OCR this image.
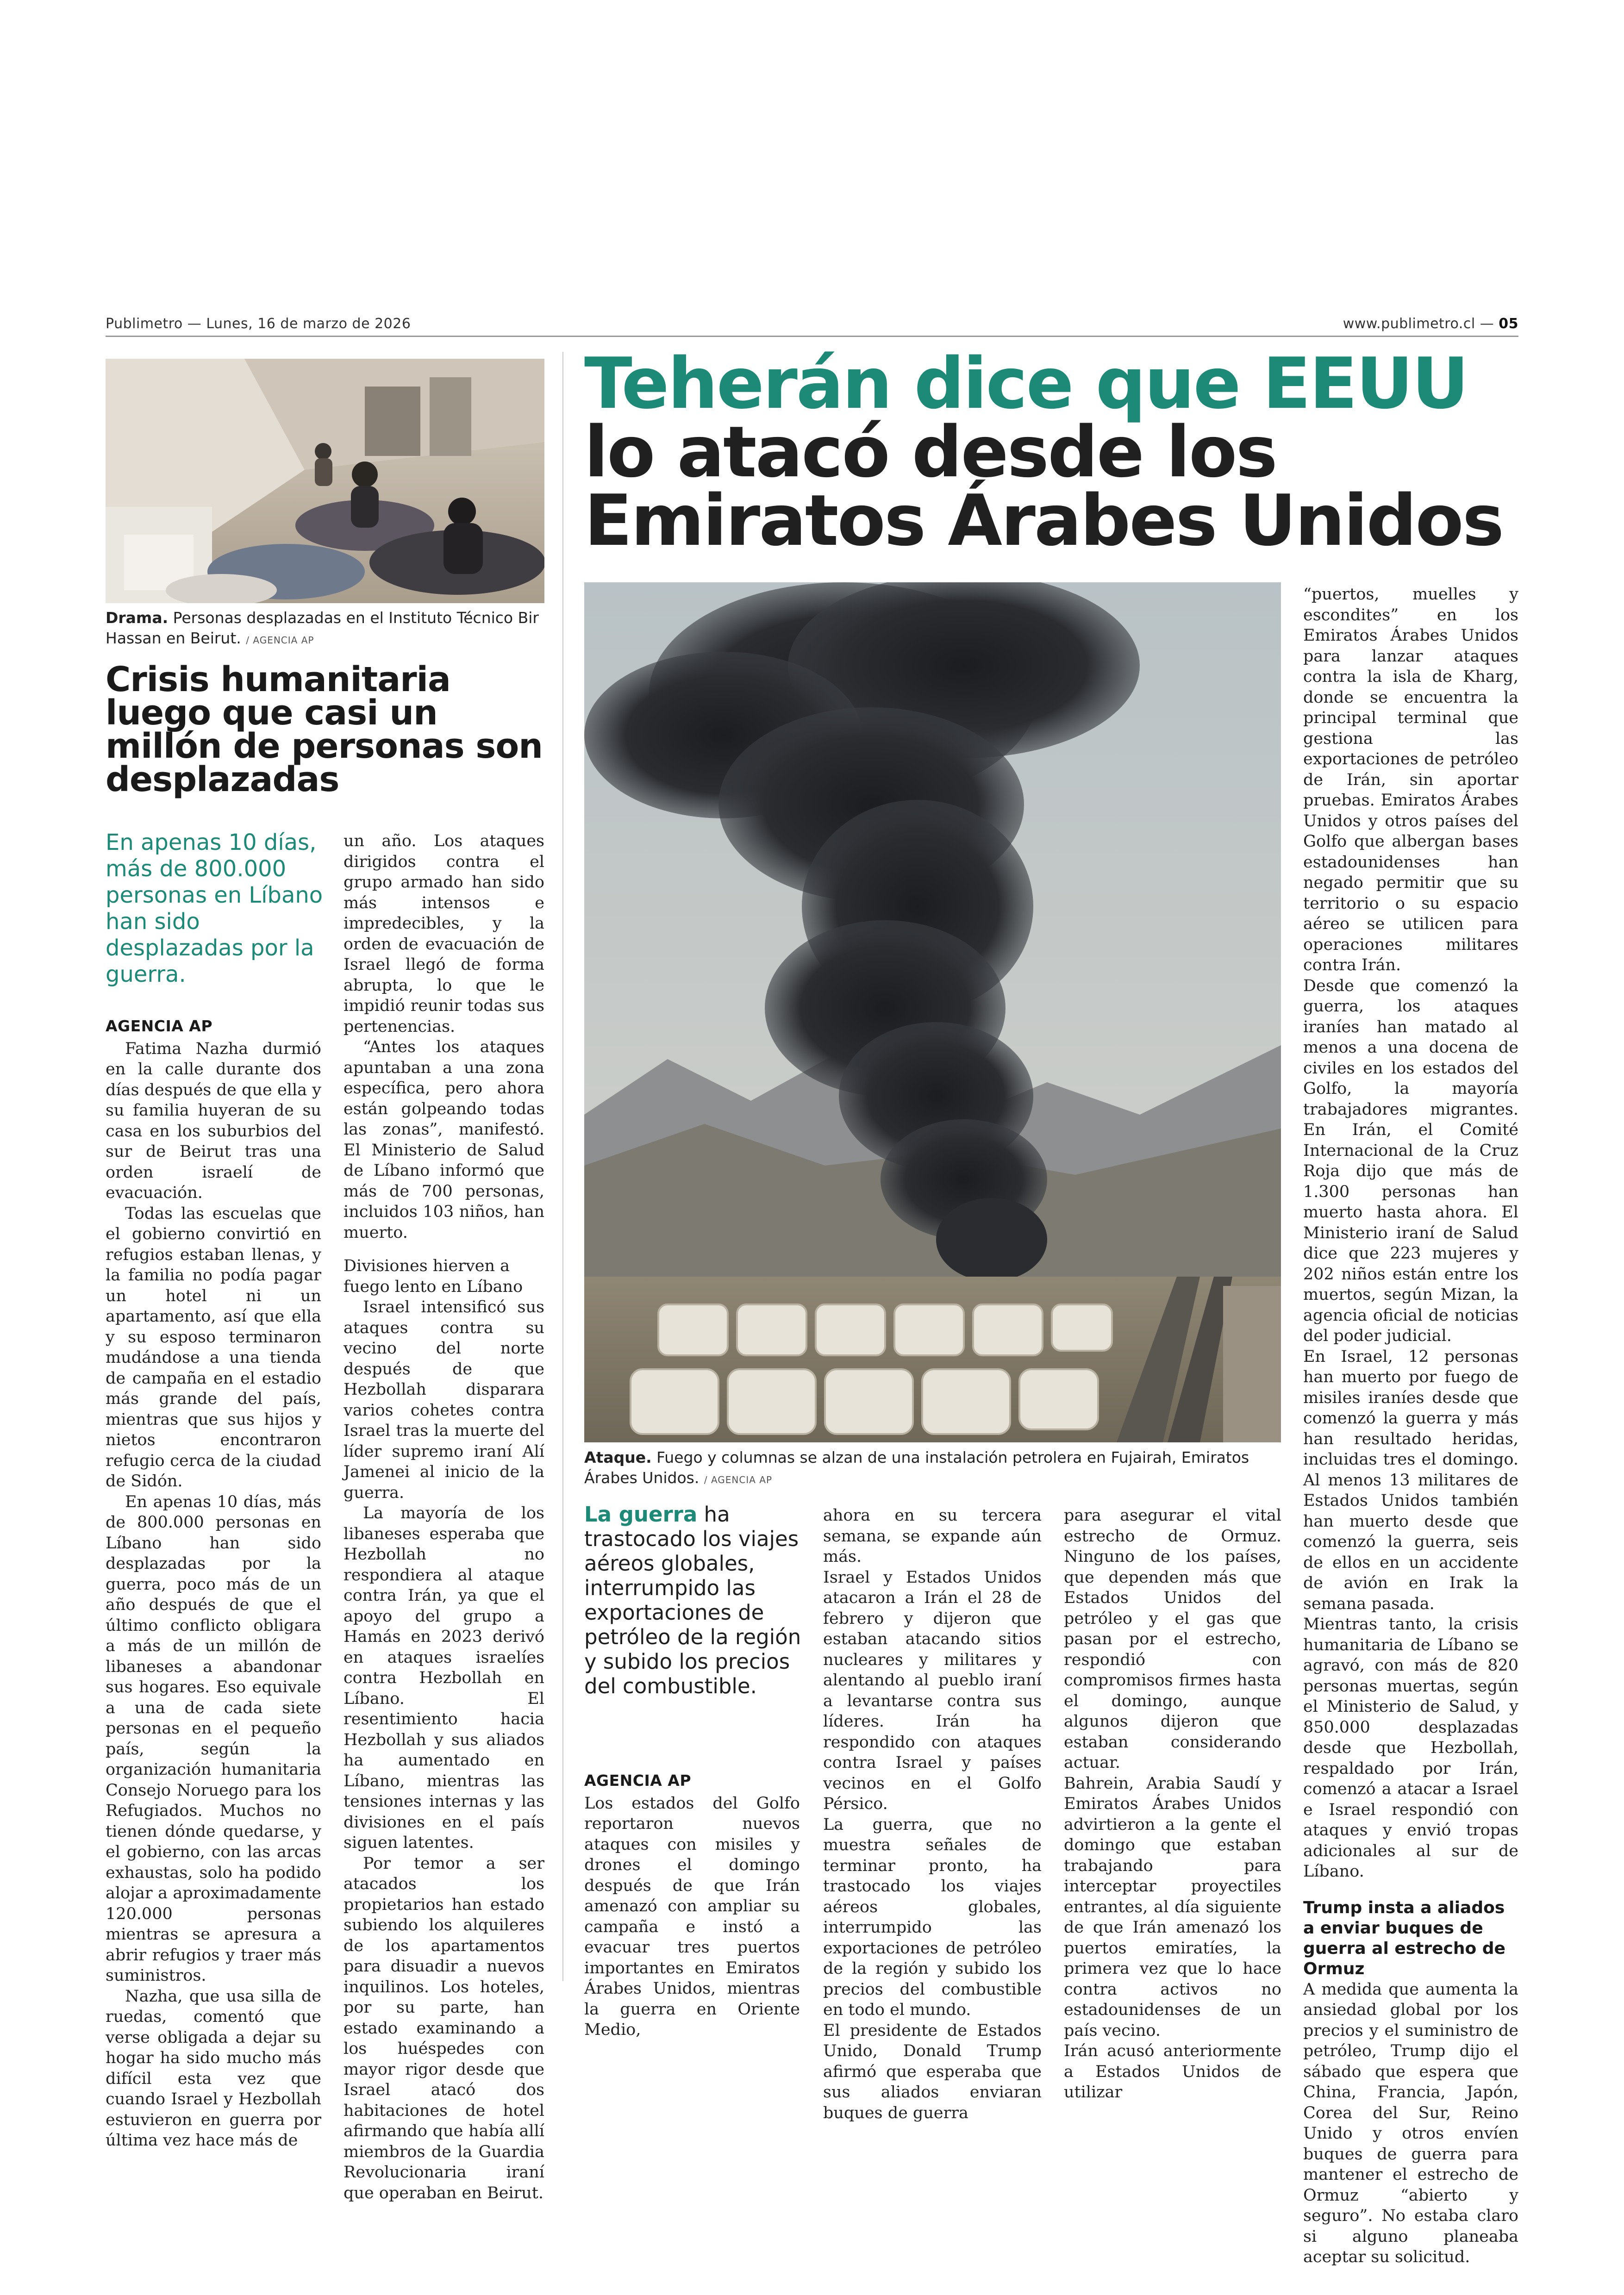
Publimetro — Lunes, 16 de marzo de 2026	www.publimetro.cl — 05
Drama. Personas desplazadas en el Instituto Técnico Bir Hassan en Beirut. / AGENCIA AP
Crisis humanitaria luego que casi un millón de personas son desplazadas
En apenas 10 días, más de 800.000 personas en Líbano han sido desplazadas por la guerra.
AGENCIA AP

Fatima Nazha durmió en la calle durante dos días después de que ella y su familia huyeran de su casa en los suburbios del sur de Beirut tras una orden israelí de evacuación.

Todas las escuelas que el gobierno convirtió en refugios estaban llenas, y la familia no podía pagar un hotel ni un apartamento, así que ella y su esposo terminaron mudándose a una tienda de campaña en el estadio más grande del país, mientras que sus hijos y nietos encontraron refugio cerca de la ciudad de Sidón.

En apenas 10 días, más de 800.000 personas en Líbano han sido desplazadas por la guerra, poco más de un año después de que el último conflicto obligara a más de un millón de libaneses a abandonar sus hogares. Eso equivale a una de cada siete personas en el pequeño país, según la organización humanitaria Consejo Noruego para los Refugiados. Muchos no tienen dónde quedarse, y el gobierno, con las arcas exhaustas, solo ha podido alojar a aproximadamente 120.000 personas mientras se apresura a abrir refugios y traer más suministros.

Nazha, que usa silla de ruedas, comentó que verse obligada a dejar su hogar ha sido mucho más difícil esta vez que cuando Israel y Hezbollah estuvieron en guerra por última vez hace más de

un año. Los ataques dirigidos contra el grupo armado han sido más intensos e impredecibles, y la orden de evacuación de Israel llegó de forma abrupta, lo que le impidió reunir todas sus pertenencias.

“Antes los ataques apuntaban a una zona específica, pero ahora están golpeando todas las zonas”, manifestó. El Ministerio de Salud de Líbano informó que más de 700 personas, incluidos 103 niños, han muerto.

Divisiones hierven a fuego lento en Líbano

Israel intensificó sus ataques contra su vecino del norte después de que Hezbollah disparara varios cohetes contra Israel tras la muerte del líder supremo iraní Alí Jamenei al inicio de la guerra.

La mayoría de los libaneses esperaba que Hezbollah no respondiera al ataque contra Irán, ya que el apoyo del grupo a Hamás en 2023 derivó en ataques israelíes contra Hezbollah en Líbano. El resentimiento hacia Hezbollah y sus aliados ha aumentado en Líbano, mientras las tensiones internas y las divisiones en el país siguen latentes.

Por temor a ser atacados los propietarios han estado subiendo los alquileres de los apartamentos para disuadir a nuevos inquilinos. Los hoteles, por su parte, han estado examinando a los huéspedes con mayor rigor desde que Israel atacó dos habitaciones de hotel afirmando que había allí miembros de la Guardia Revolucionaria iraní que operaban en Beirut.

Teherán dice que EEUU lo atacó desde los Emiratos Árabes Unidos
Ataque. Fuego y columnas se alzan de una instalación petrolera en Fujairah, Emiratos Árabes Unidos. / AGENCIA AP
La guerra ha trastocado los viajes aéreos globales, interrumpido las exportaciones de petróleo de la región y subido los precios del combustible.
AGENCIA AP

Los estados del Golfo reportaron nuevos ataques con misiles y drones el domingo después de que Irán amenazó con ampliar su campaña e instó a evacuar tres puertos importantes en Emiratos Árabes Unidos, mientras la guerra en Oriente Medio,

ahora en su tercera semana, se expande aún más.

Israel y Estados Unidos atacaron a Irán el 28 de febrero y dijeron que estaban atacando sitios nucleares y militares y alentando al pueblo iraní a levantarse contra sus líderes. Irán ha respondido con ataques contra Israel y países vecinos en el Golfo Pérsico.

La guerra, que no muestra señales de terminar pronto, ha trastocado los viajes aéreos globales, interrumpido las exportaciones de petróleo de la región y subido los precios del combustible en todo el mundo.

El presidente de Estados Unido, Donald Trump afirmó que esperaba que sus aliados enviaran buques de guerra

para asegurar el vital estrecho de Ormuz. Ninguno de los países, que dependen más que Estados Unidos del petróleo y el gas que pasan por el estrecho, respondió con compromisos firmes hasta el domingo, aunque algunos dijeron que estaban considerando actuar.

Bahrein, Arabia Saudí y Emiratos Árabes Unidos advirtieron a la gente el domingo que estaban trabajando para interceptar proyectiles entrantes, al día siguiente de que Irán amenazó los puertos emiratíes, la primera vez que lo hace contra activos no estadounidenses de un país vecino.

Irán acusó anteriormente a Estados Unidos de utilizar

“puertos, muelles y escondites” en los Emiratos Árabes Unidos para lanzar ataques contra la isla de Kharg, donde se encuentra la principal terminal que gestiona las exportaciones de petróleo de Irán, sin aportar pruebas. Emiratos Árabes Unidos y otros países del Golfo que albergan bases estadounidenses han negado permitir que su territorio o su espacio aéreo se utilicen para operaciones militares contra Irán.

Desde que comenzó la guerra, los ataques iraníes han matado al menos a una docena de civiles en los estados del Golfo, la mayoría trabajadores migrantes. En Irán, el Comité Internacional de la Cruz Roja dijo que más de 1.300 personas han muerto hasta ahora. El Ministerio iraní de Salud dice que 223 mujeres y 202 niños están entre los muertos, según Mizan, la agencia oficial de noticias del poder judicial.

En Israel, 12 personas han muerto por fuego de misiles iraníes desde que comenzó la guerra y más han resultado heridas, incluidas tres el domingo. Al menos 13 militares de Estados Unidos también han muerto desde que comenzó la guerra, seis de ellos en un accidente de avión en Irak la semana pasada.

Mientras tanto, la crisis humanitaria de Líbano se agravó, con más de 820 personas muertas, según el Ministerio de Salud, y 850.000 desplazadas desde que Hezbollah, respaldado por Irán, comenzó a atacar a Israel e Israel respondió con ataques y envió tropas adicionales al sur de Líbano.

Trump insta a aliados a enviar buques de guerra al estrecho de Ormuz

A medida que aumenta la ansiedad global por los precios y el suministro de petróleo, Trump dijo el sábado que espera que China, Francia, Japón, Corea del Sur, Reino Unido y otros envíen buques de guerra para mantener el estrecho de Ormuz “abierto y seguro”. No estaba claro si alguno planeaba aceptar su solicitud.
